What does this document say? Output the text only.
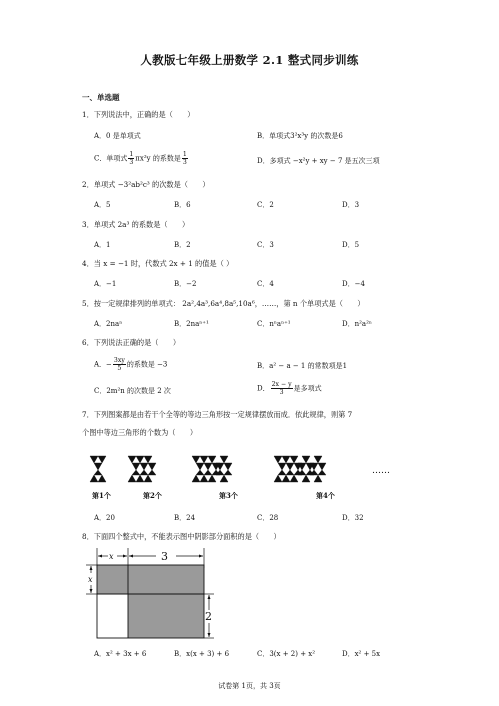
人教版七年级上册数学 2.1 整式同步训练
一、单选题
1．下列说法中，正确的是（　　）
A．0 是单项式	B．单项式3²x³y 的次数是6
C．单项式 $\frac{1}{3} \pi x^2y$ 的系数是 $\frac{1}{3}$	D．多项式 −x²y + xy − 7 是五次三项
2．单项式 −3²ab²c³ 的次数是（　　）
A．5	B．6	C．2	D．3
3．单项式 2a³ 的系数是（　　）
A．1	B．2	C．3	D．5
4．当 x = −1 时，代数式 2x + 1 的值是（ ）
A．−1	B．−2	C．4	D．−4
5．按一定规律排列的单项式： 2a²,4a³,6a⁴,8a⁵,10a⁶，……，第 n 个单项式是（　　）
A．2naⁿ	B．2naⁿ⁺¹	C．nⁿaⁿ⁺¹	D．n²a²ⁿ
6．下列说法正确的是（　　）
A．− $\frac{3xy}{5}$ 的系数是 −3	B．a² − a − 1 的常数项是1
C．2m²n 的次数是 2 次	D． $\frac{2x - y}{3}$ 是多项式
7．下列图案都是由若干个全等的等边三角形按一定规律摆放而成．依此规律，则第 7
个图中等边三角形的个数为（　　）
……
第1个	第2个	第3个	第4个
A．20	B．24	C．28	D．32
8．下面四个整式中，不能表示图中阴影部分面积的是（　　）
x	3
x
2
A．x² + 3x + 6	B．x(x + 3) + 6	C．3(x + 2) + x²	D．x² + 5x
试卷第 1页，共 3页
